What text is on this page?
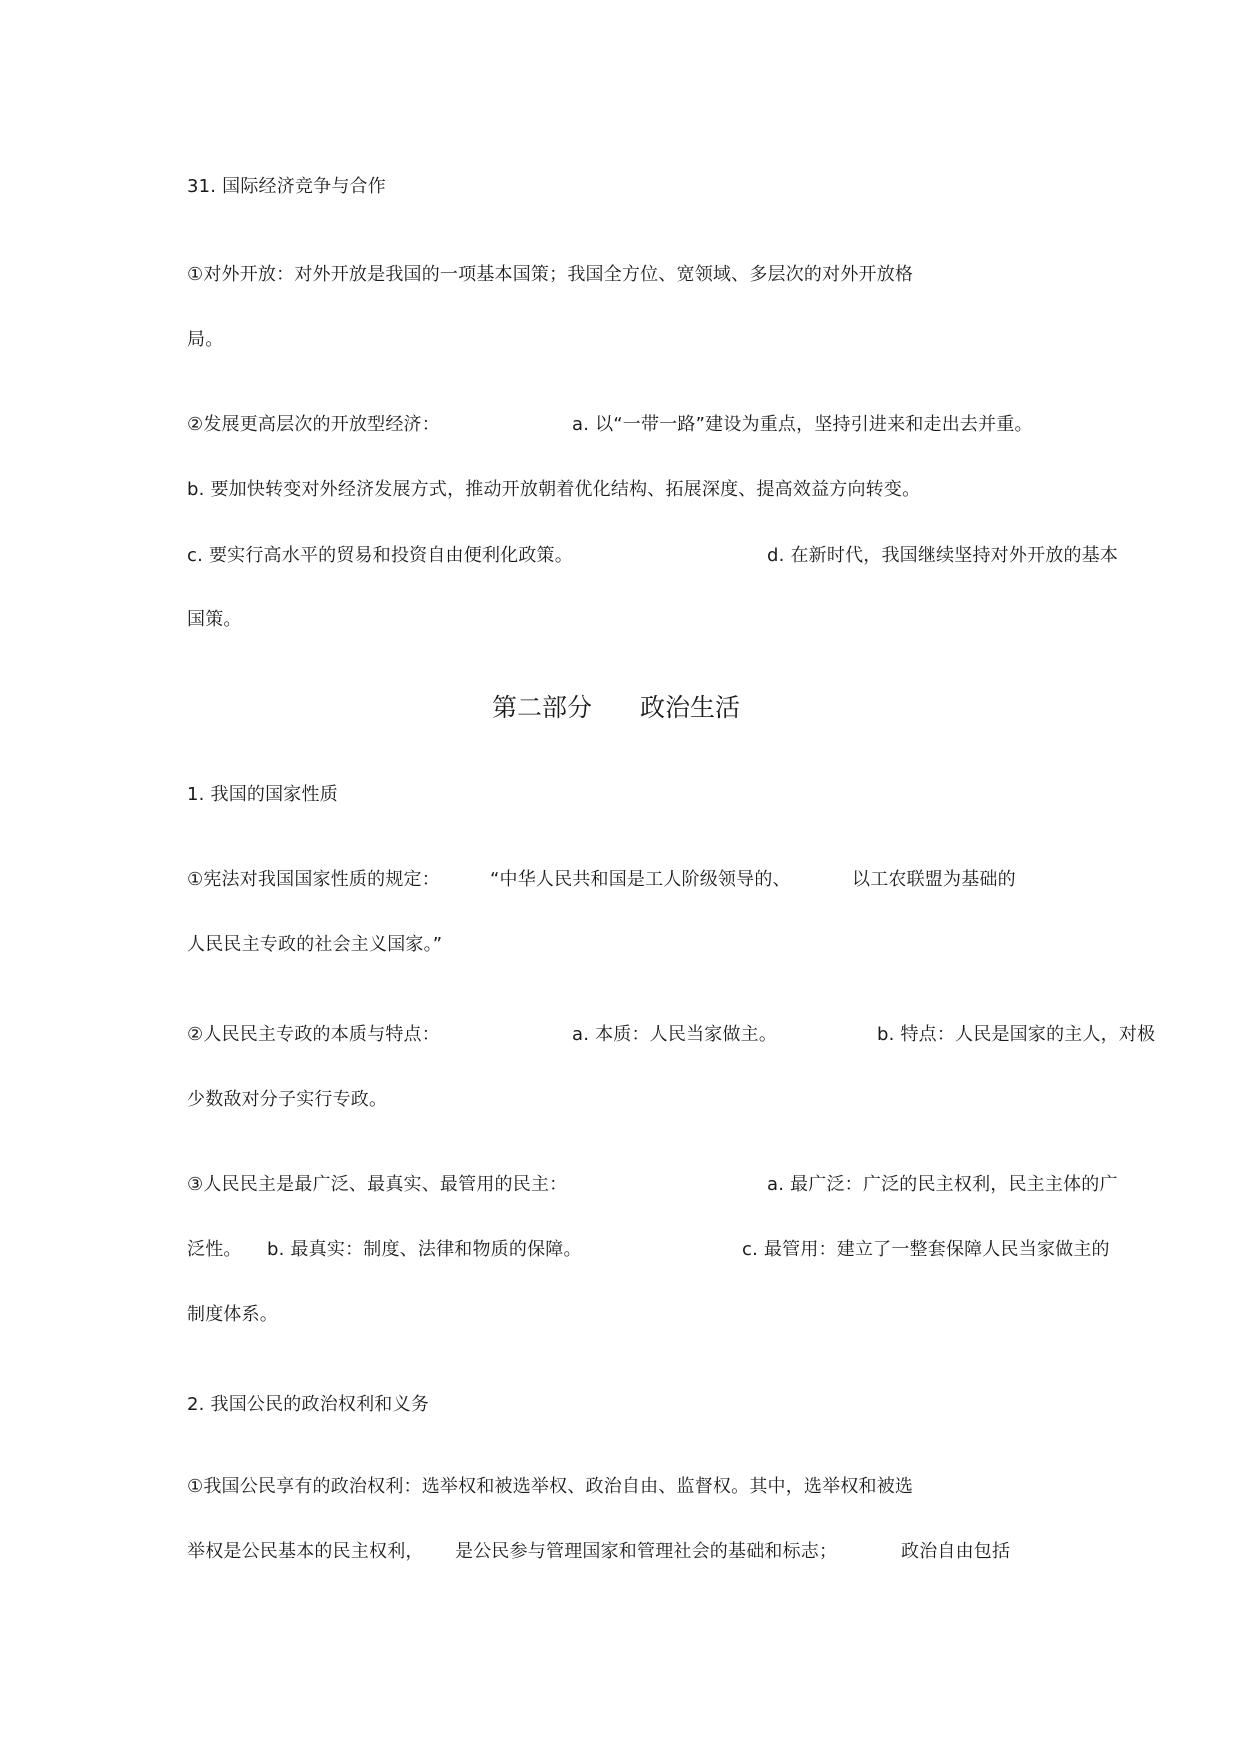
31. 国际经济竞争与合作
①对外开放：对外开放是我国的一项基本国策；我国全方位、宽领域、多层次的对外开放格
局。
②发展更高层次的开放型经济：	a. 以“一带一路”建设为重点，坚持引进来和走出去并重。
b. 要加快转变对外经济发展方式，推动开放朝着优化结构、拓展深度、提高效益方向转变。
c. 要实行高水平的贸易和投资自由便利化政策。	d. 在新时代，我国继续坚持对外开放的基本
国策。
第二部分 政治生活
1. 我国的国家性质
①宪法对我国国家性质的规定：	“中华人民共和国是工人阶级领导的、	以工农联盟为基础的
人民民主专政的社会主义国家。”
②人民民主专政的本质与特点：	a. 本质：人民当家做主。	b. 特点：人民是国家的主人，对极
少数敌对分子实行专政。
③人民民主是最广泛、最真实、最管用的民主：	a. 最广泛：广泛的民主权利，民主主体的广
泛性。 b. 最真实：制度、法律和物质的保障。	c. 最管用：建立了一整套保障人民当家做主的
制度体系。
2. 我国公民的政治权利和义务
①我国公民享有的政治权利：选举权和被选举权、政治自由、监督权。其中，选举权和被选
举权是公民基本的民主权利， 是公民参与管理国家和管理社会的基础和标志；	政治自由包括
